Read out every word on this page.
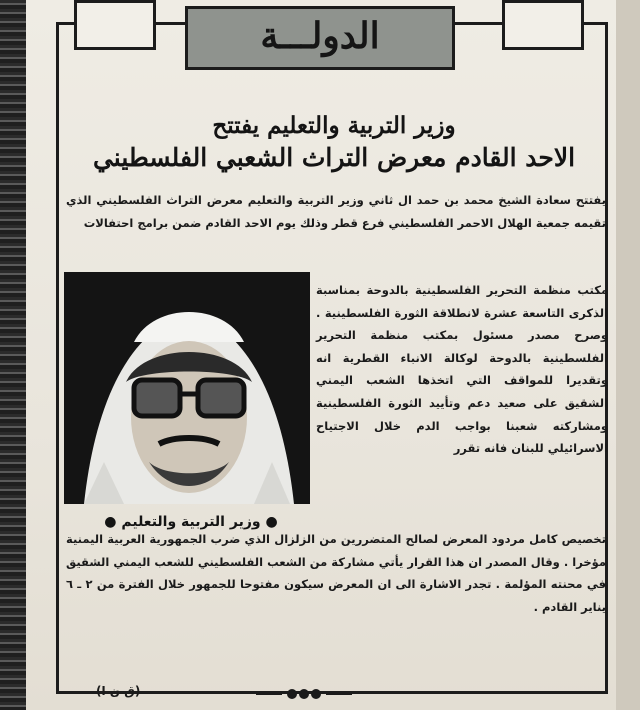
الدولـــة
وزير التربية والتعليم يفتتح
الاحد القادم معرض التراث الشعبي الفلسطيني
يفتتح سعادة الشيخ محمد بن حمد ال ثاني وزير التربية والتعليم معرض التراث الفلسطيني الذي تقيمه جمعية الهلال الاحمر الفلسطيني فرع قطر وذلك يوم الاحد القادم ضمن برامج احتفالات
مكتب منظمة التحرير الفلسطينية بالدوحة بمناسبة الذكرى التاسعة عشرة لانطلاقة الثورة الفلسطينية . وصرح مصدر مسئول بمكتب منظمة التحرير الفلسطينية بالدوحة لوكالة الانباء القطرية انه وتقديرا للمواقف التي اتخذها الشعب اليمني الشقيق على صعيد دعم وتأييد الثورة الفلسطينية ومشاركته شعبنا بواجب الدم خلال الاجتياح الاسرائيلي للبنان فانه تقرر
● وزير التربية والتعليم ●
تخصيص كامل مردود المعرض لصالح المتضررين من الزلزال الذي ضرب الجمهورية العربية اليمنية مؤخرا . وقال المصدر ان هذا القرار يأتي مشاركة من الشعب الفلسطيني للشعب اليمني الشقيق في محنته المؤلمة . تجدر الاشارة الى ان المعرض سيكون مفتوحا للجمهور خلال الفترة من ٢ ـ ٦ يناير القادم .
(ق ن ا)
